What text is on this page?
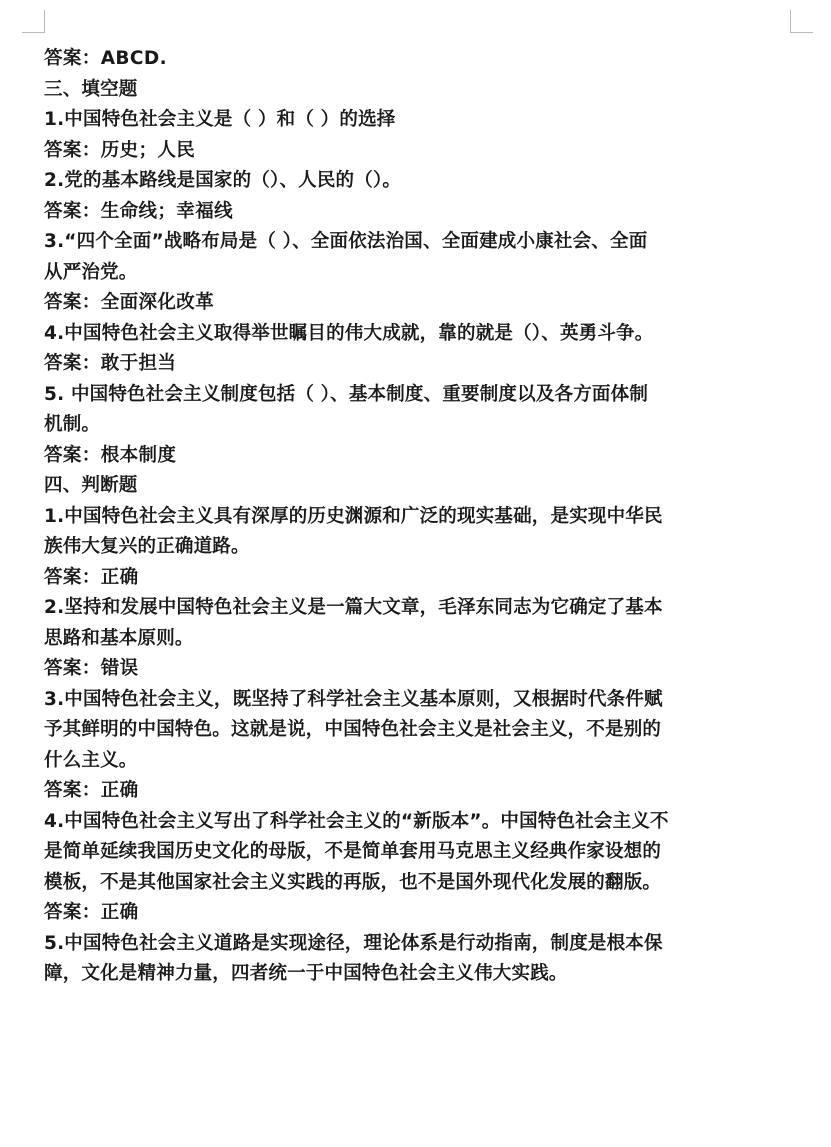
答案：ABCD.

三、填空题

1.中国特色社会主义是（ ）和（ ）的选择

答案：历史；人民

2.党的基本路线是国家的（）、人民的（）。

答案：生命线；幸福线

3.“四个全面”战略布局是（ ）、全面依法治国、全面建成小康社会、全面

从严治党。

答案：全面深化改革

4.中国特色社会主义取得举世瞩目的伟大成就，靠的就是（）、英勇斗争。

答案：敢于担当

5. 中国特色社会主义制度包括（ ）、基本制度、重要制度以及各方面体制

机制。

答案：根本制度

四、判断题

1.中国特色社会主义具有深厚的历史渊源和广泛的现实基础，是实现中华民

族伟大复兴的正确道路。

答案：正确

2.坚持和发展中国特色社会主义是一篇大文章，毛泽东同志为它确定了基本

思路和基本原则。

答案：错误

3.中国特色社会主义，既坚持了科学社会主义基本原则，又根据时代条件赋

予其鲜明的中国特色。这就是说，中国特色社会主义是社会主义，不是别的

什么主义。

答案：正确

4.中国特色社会主义写出了科学社会主义的“新版本”。中国特色社会主义不

是简单延续我国历史文化的母版，不是简单套用马克思主义经典作家设想的

模板，不是其他国家社会主义实践的再版，也不是国外现代化发展的翻版。

答案：正确

5.中国特色社会主义道路是实现途径，理论体系是行动指南，制度是根本保

障，文化是精神力量，四者统一于中国特色社会主义伟大实践。
